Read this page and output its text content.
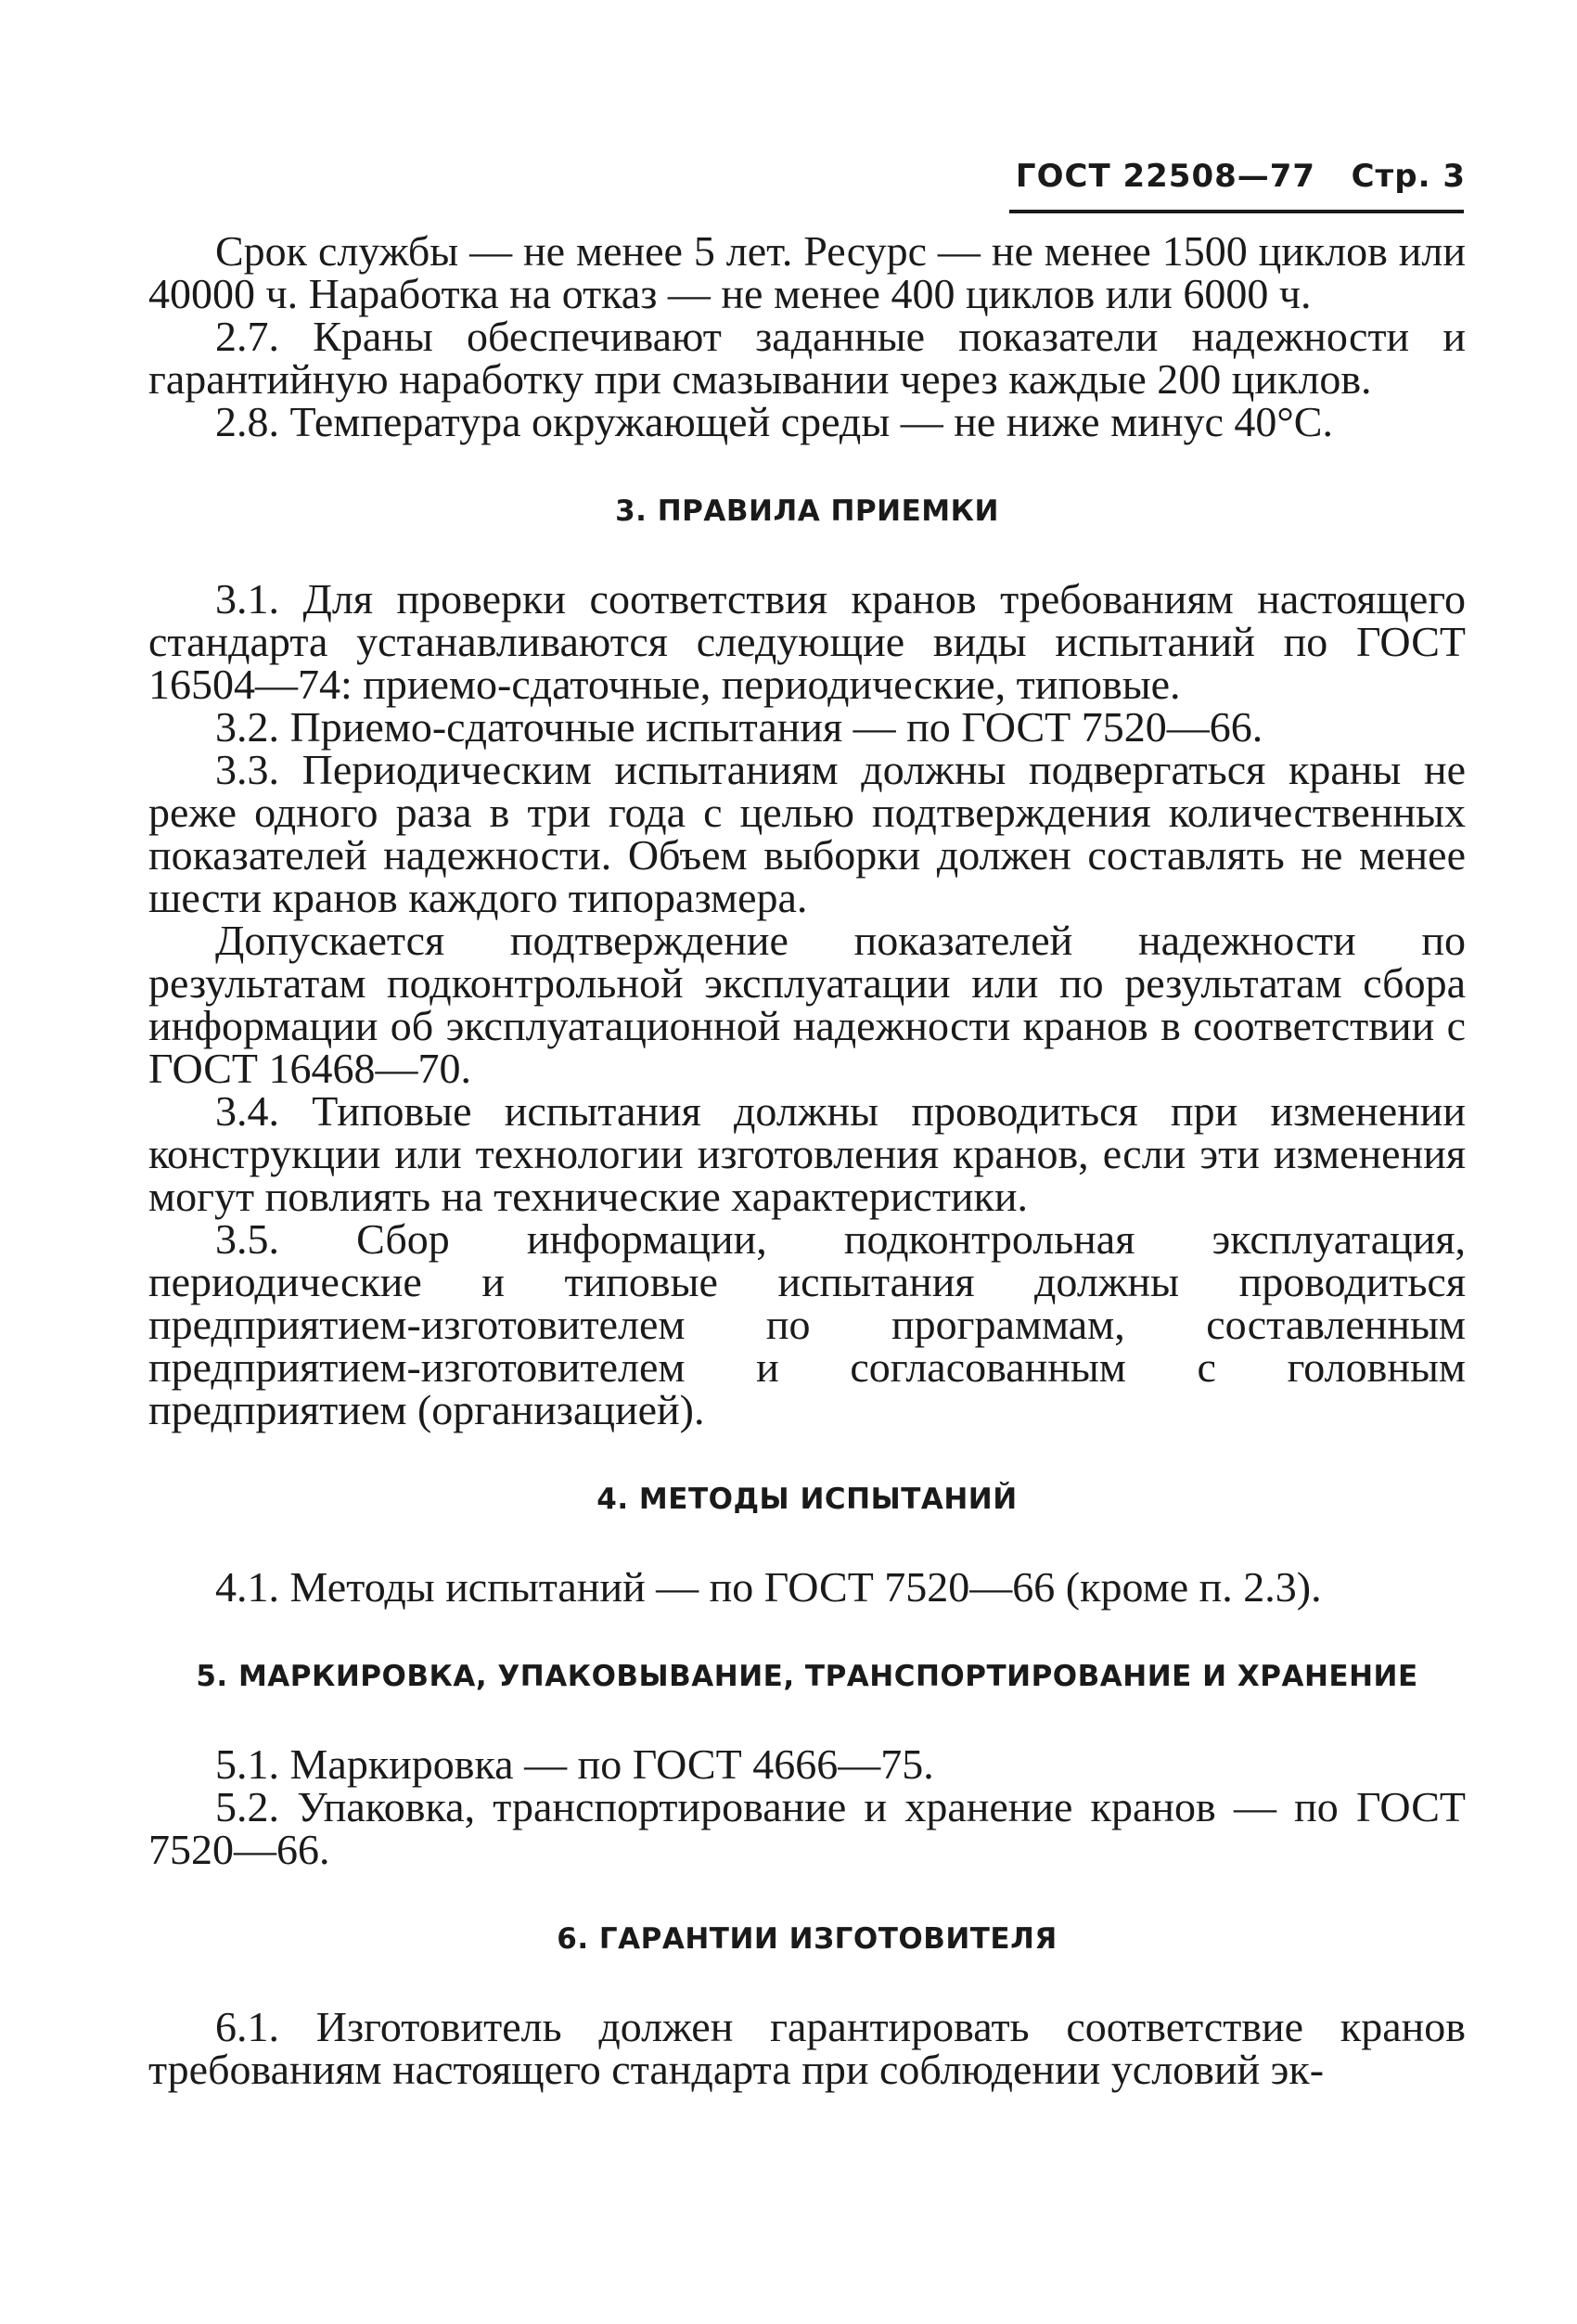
ГОСТ 22508—77 Стр. 3

Срок службы — не менее 5 лет. Ресурс — не менее 1500 циклов или 40000 ч. Наработка на отказ — не менее 400 циклов или 6000 ч.

2.7. Краны обеспечивают заданные показатели надежности и гарантийную наработку при смазывании через каждые 200 циклов.

2.8. Температура окружающей среды — не ниже минус 40°С.

3. ПРАВИЛА ПРИЕМКИ

3.1. Для проверки соответствия кранов требованиям настоящего стандарта устанавливаются следующие виды испытаний по ГОСТ 16504—74: приемо-сдаточные, периодические, типовые.

3.2. Приемо-сдаточные испытания — по ГОСТ 7520—66.

3.3. Периодическим испытаниям должны подвергаться краны не реже одного раза в три года с целью подтверждения количественных показателей надежности. Объем выборки должен составлять не менее шести кранов каждого типоразмера.

Допускается подтверждение показателей надежности по результатам подконтрольной эксплуатации или по результатам сбора информации об эксплуатационной надежности кранов в соответствии с ГОСТ 16468—70.

3.4. Типовые испытания должны проводиться при изменении конструкции или технологии изготовления кранов, если эти изменения могут повлиять на технические характеристики.

3.5. Сбор информации, подконтрольная эксплуатация, периодические и типовые испытания должны проводиться предприятием-изготовителем по программам, составленным предприятием-изготовителем и согласованным с головным предприятием (организацией).

4. МЕТОДЫ ИСПЫТАНИЙ

4.1. Методы испытаний — по ГОСТ 7520—66 (кроме п. 2.3).

5. МАРКИРОВКА, УПАКОВЫВАНИЕ, ТРАНСПОРТИРОВАНИЕ И ХРАНЕНИЕ

5.1. Маркировка — по ГОСТ 4666—75.

5.2. Упаковка, транспортирование и хранение кранов — по ГОСТ 7520—66.

6. ГАРАНТИИ ИЗГОТОВИТЕЛЯ

6.1. Изготовитель должен гарантировать соответствие кранов требованиям настоящего стандарта при соблюдении условий эк-
